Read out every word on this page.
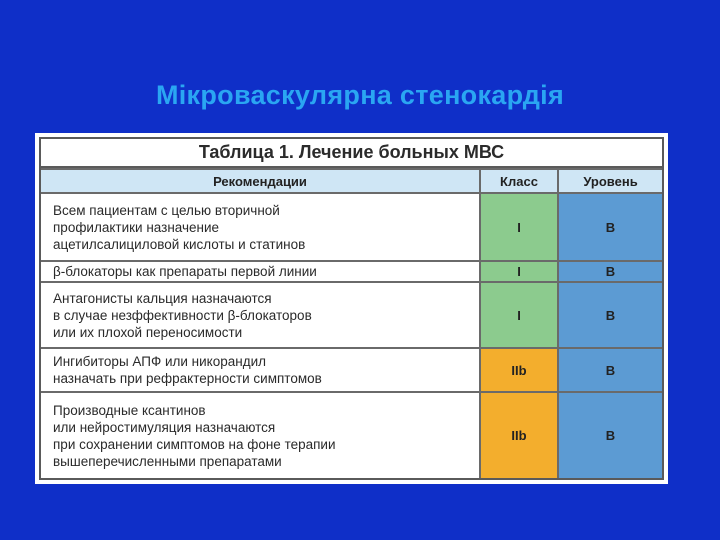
Мікроваскулярна стенокардія
Таблица 1. Лечение больных МВС
Рекомендации	Класс	Уровень

Всем пациентам с целью вторичной
профилактики назначение
ацетилсалициловой кислоты и статинов	I	B

β-блокаторы как препараты первой линии	I	B

Антагонисты кальция назначаются
в случае незффективности β-блокаторов
или их плохой переносимости	I	B

Ингибиторы АПФ или никорандил
назначать при рефрактерности симптомов	IIb	B

Производные ксантинов
или нейростимуляция назначаются
при сохранении симптомов на фоне терапии
вышеперечисленными препаратами	IIb	B
